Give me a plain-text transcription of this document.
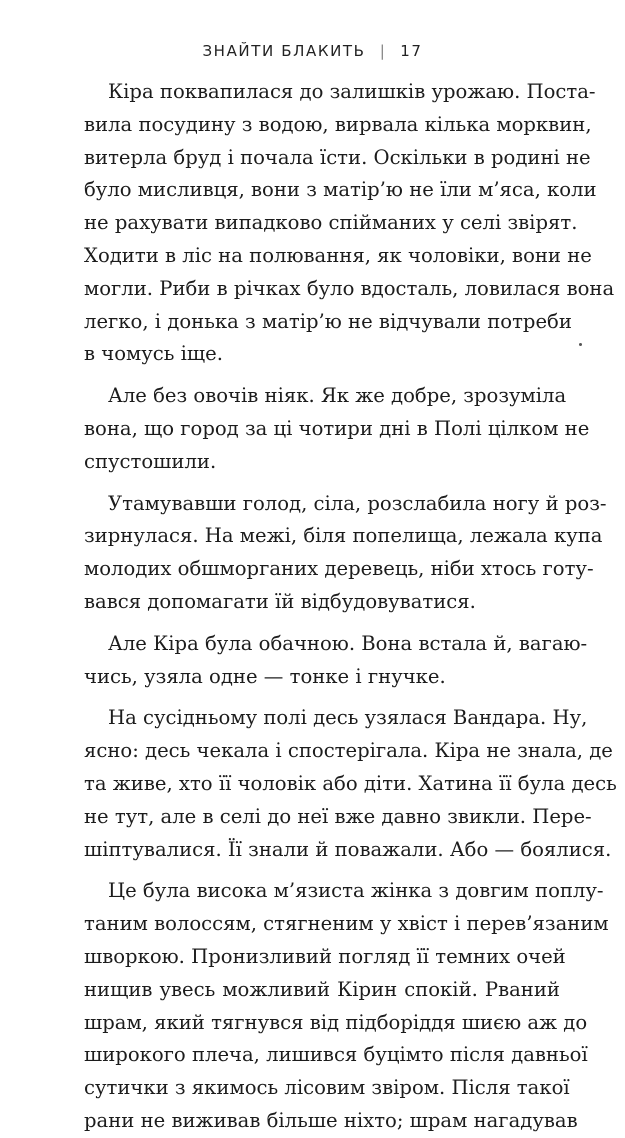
ЗНАЙТИ БЛАКИТЬ | 17

Кіра поквапилася до залишків урожаю. Поста-
вила посудину з водою, вирвала кілька морквин,
витерла бруд і почала їсти. Оскільки в родині не
було мисливця, вони з матір’ю не їли м’яса, коли
не рахувати випадково спійманих у селі звірят.
Ходити в ліс на полювання, як чоловіки, вони не
могли. Риби в річках було вдосталь, ловилася вона
легко, і донька з матір’ю не відчували потреби
в чомусь іще.

Але без овочів ніяк. Як же добре, зрозуміла
вона, що город за ці чотири дні в Полі цілком не
спустошили.

Утамувавши голод, сіла, розслабила ногу й роз-
зирнулася. На межі, біля попелища, лежала купа
молодих обшморганих деревець, ніби хтось готу-
вався допомагати їй відбудовуватися.

Але Кіра була обачною. Вона встала й, вагаю-
чись, узяла одне — тонке і гнучке.

На сусідньому полі десь узялася Вандара. Ну,
ясно: десь чекала і спостерігала. Кіра не знала, де
та живе, хто її чоловік або діти. Хатина її була десь
не тут, але в селі до неї вже давно звикли. Пере-
шіптувалися. Її знали й поважали. Або — боялися.

Це була висока м’язиста жінка з довгим поплу-
таним волоссям, стягненим у хвіст і перев’язаним
шворкою. Пронизливий погляд її темних очей
нищив увесь можливий Кірин спокій. Рваний
шрам, який тягнувся від підборіддя шиєю аж до
широкого плеча, лишився буцімто після давньої
сутички з якимось лісовим звіром. Після такої
рани не виживав більше ніхто; шрам нагадував
